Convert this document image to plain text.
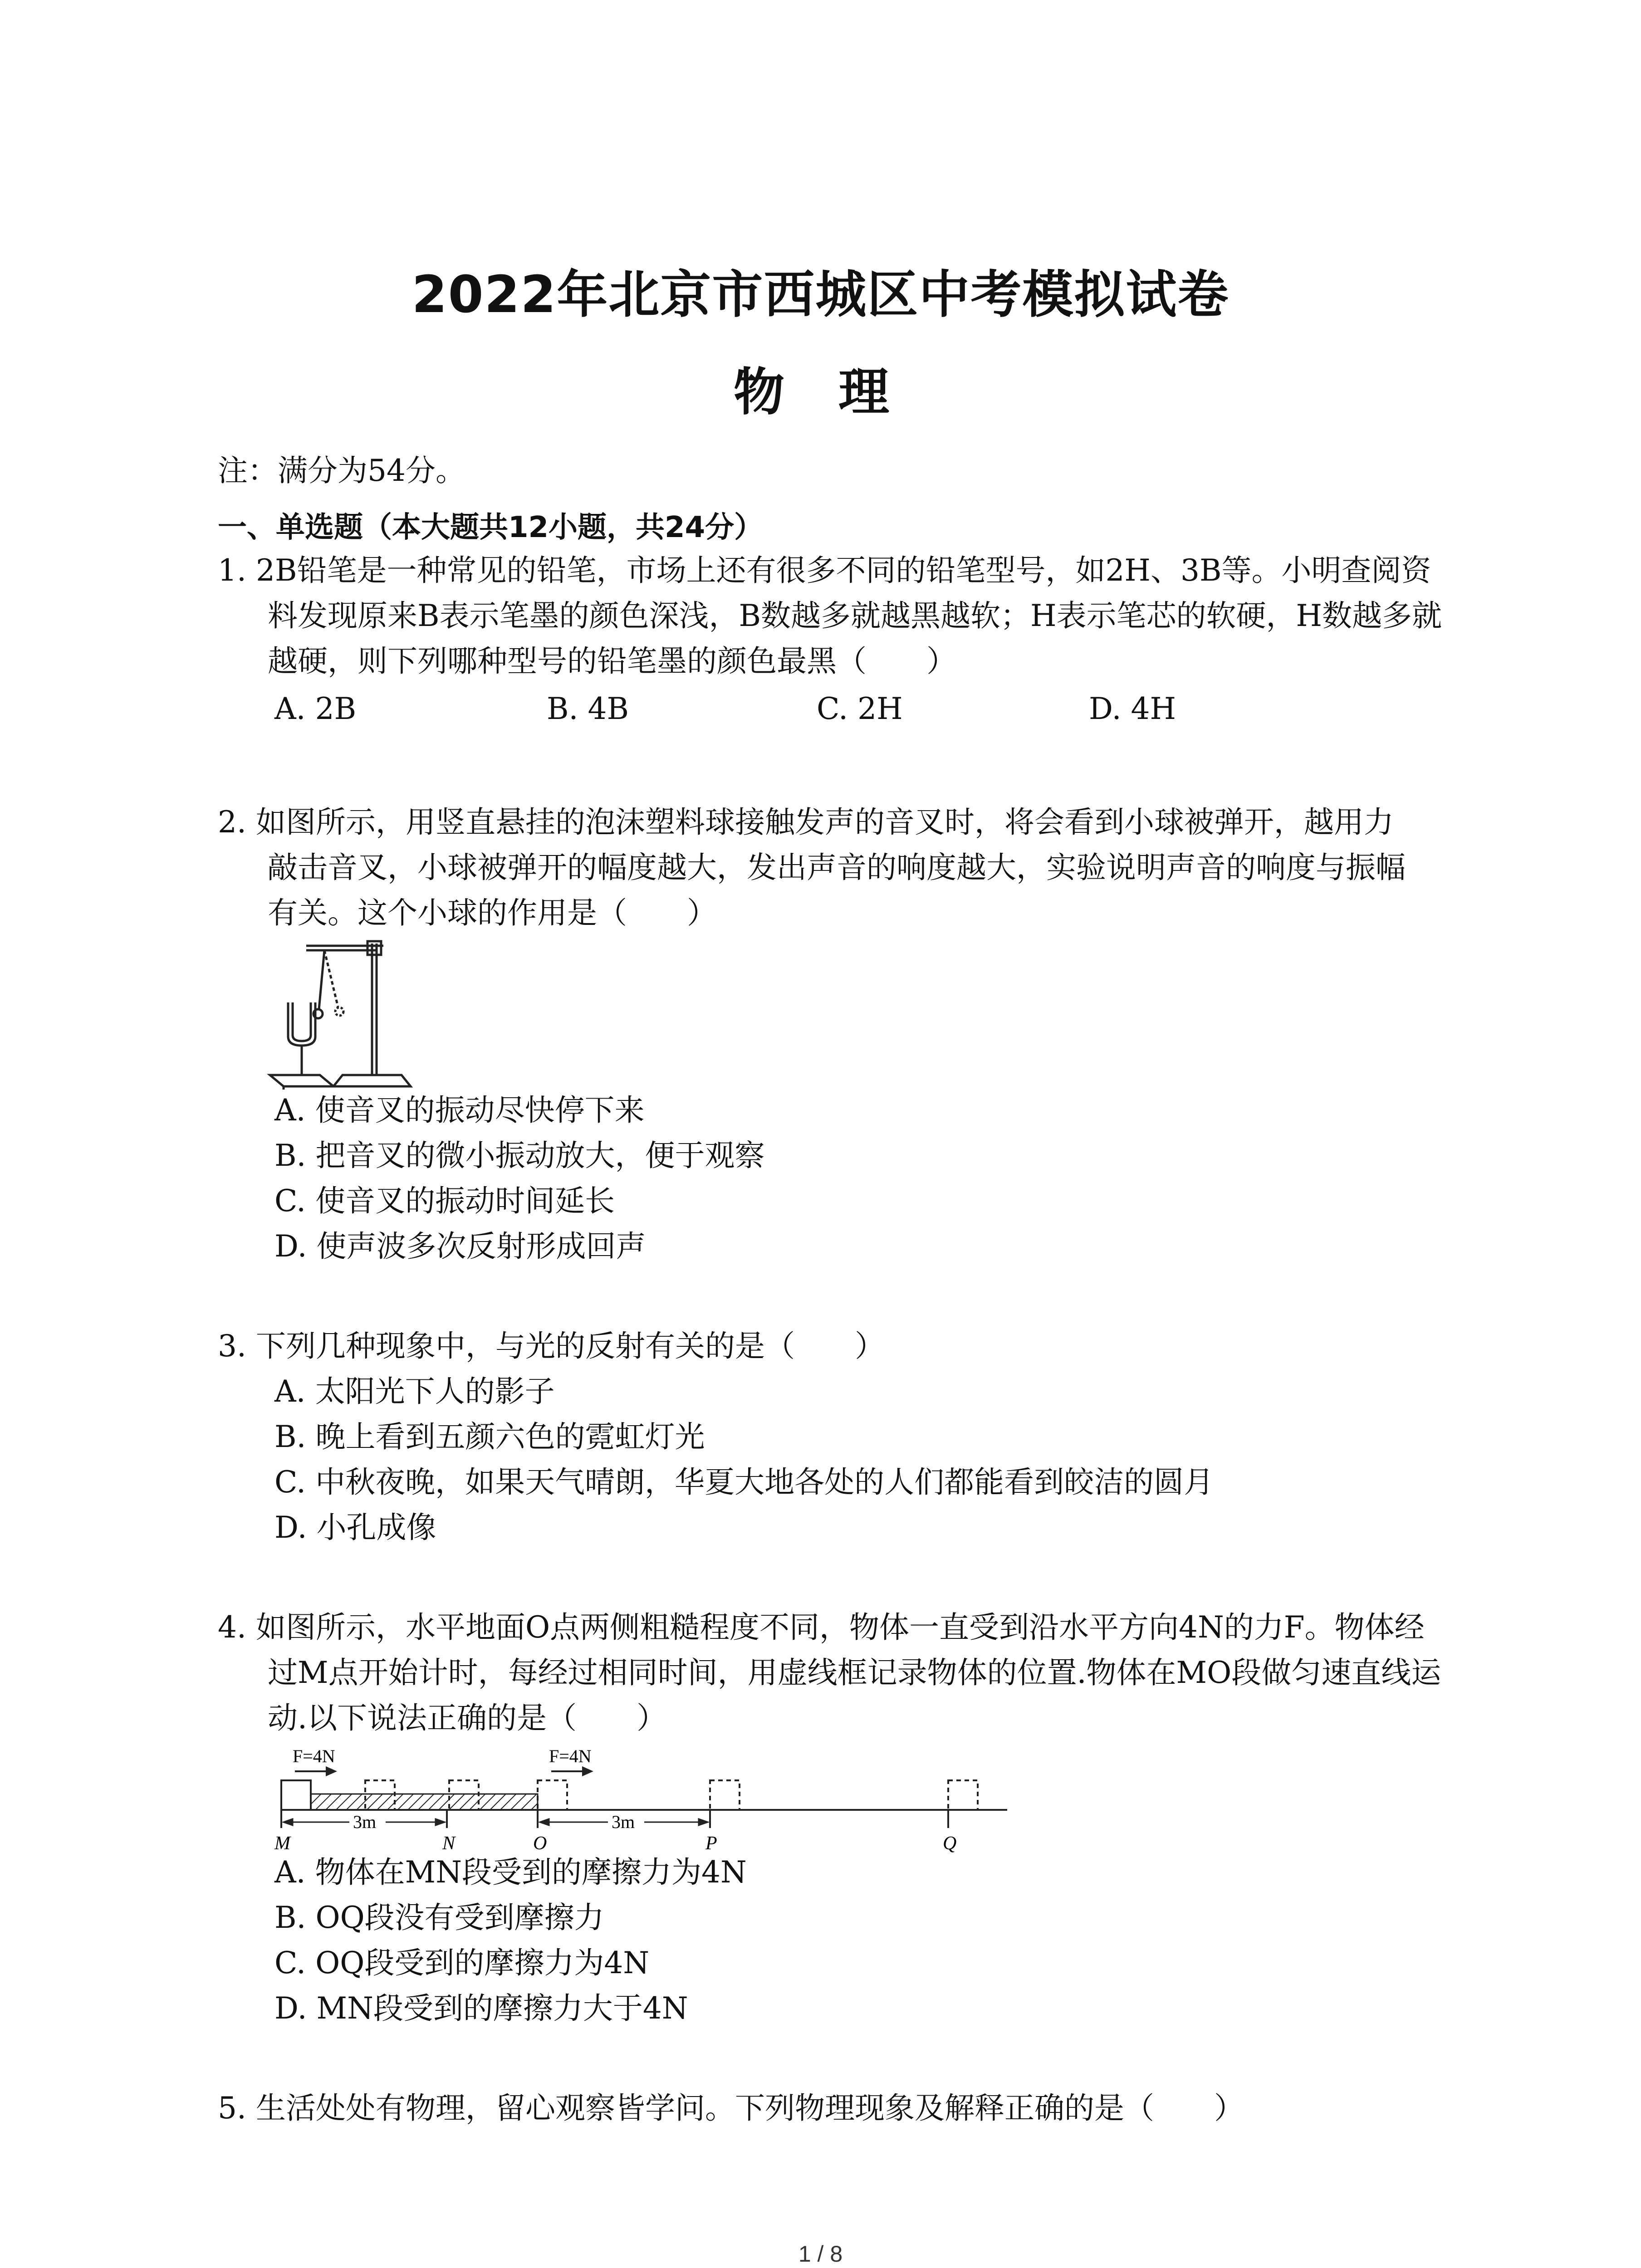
2022年北京市西城区中考模拟试卷
物 理
注：满分为54分。
一、单选题（本大题共12小题，共24分）
1. 2B铅笔是一种常见的铅笔，市场上还有很多不同的铅笔型号，如2H、3B等。小明查阅资
料发现原来B表示笔墨的颜色深浅，B数越多就越黑越软；H表示笔芯的软硬，H数越多就
越硬，则下列哪种型号的铅笔墨的颜色最黑（　　）
A. 2B	B. 4B	C. 2H	D. 4H
2. 如图所示，用竖直悬挂的泡沫塑料球接触发声的音叉时，将会看到小球被弹开，越用力
敲击音叉，小球被弹开的幅度越大，发出声音的响度越大，实验说明声音的响度与振幅
有关。这个小球的作用是（　　）
A. 使音叉的振动尽快停下来
B. 把音叉的微小振动放大，便于观察
C. 使音叉的振动时间延长
D. 使声波多次反射形成回声
3. 下列几种现象中，与光的反射有关的是（　　）
A. 太阳光下人的影子
B. 晚上看到五颜六色的霓虹灯光
C. 中秋夜晚，如果天气晴朗，华夏大地各处的人们都能看到皎洁的圆月
D. 小孔成像
4. 如图所示，水平地面O点两侧粗糙程度不同，物体一直受到沿水平方向4N的力F。物体经
过M点开始计时，每经过相同时间，用虚线框记录物体的位置.物体在MO段做匀速直线运
动.以下说法正确的是（　　）
F=4N	F=4N
3m	3m
M	N	O	P	Q
A. 物体在MN段受到的摩擦力为4N
B. OQ段没有受到摩擦力
C. OQ段受到的摩擦力为4N
D. MN段受到的摩擦力大于4N
5. 生活处处有物理，留心观察皆学问。下列物理现象及解释正确的是（　　）
1 / 8
